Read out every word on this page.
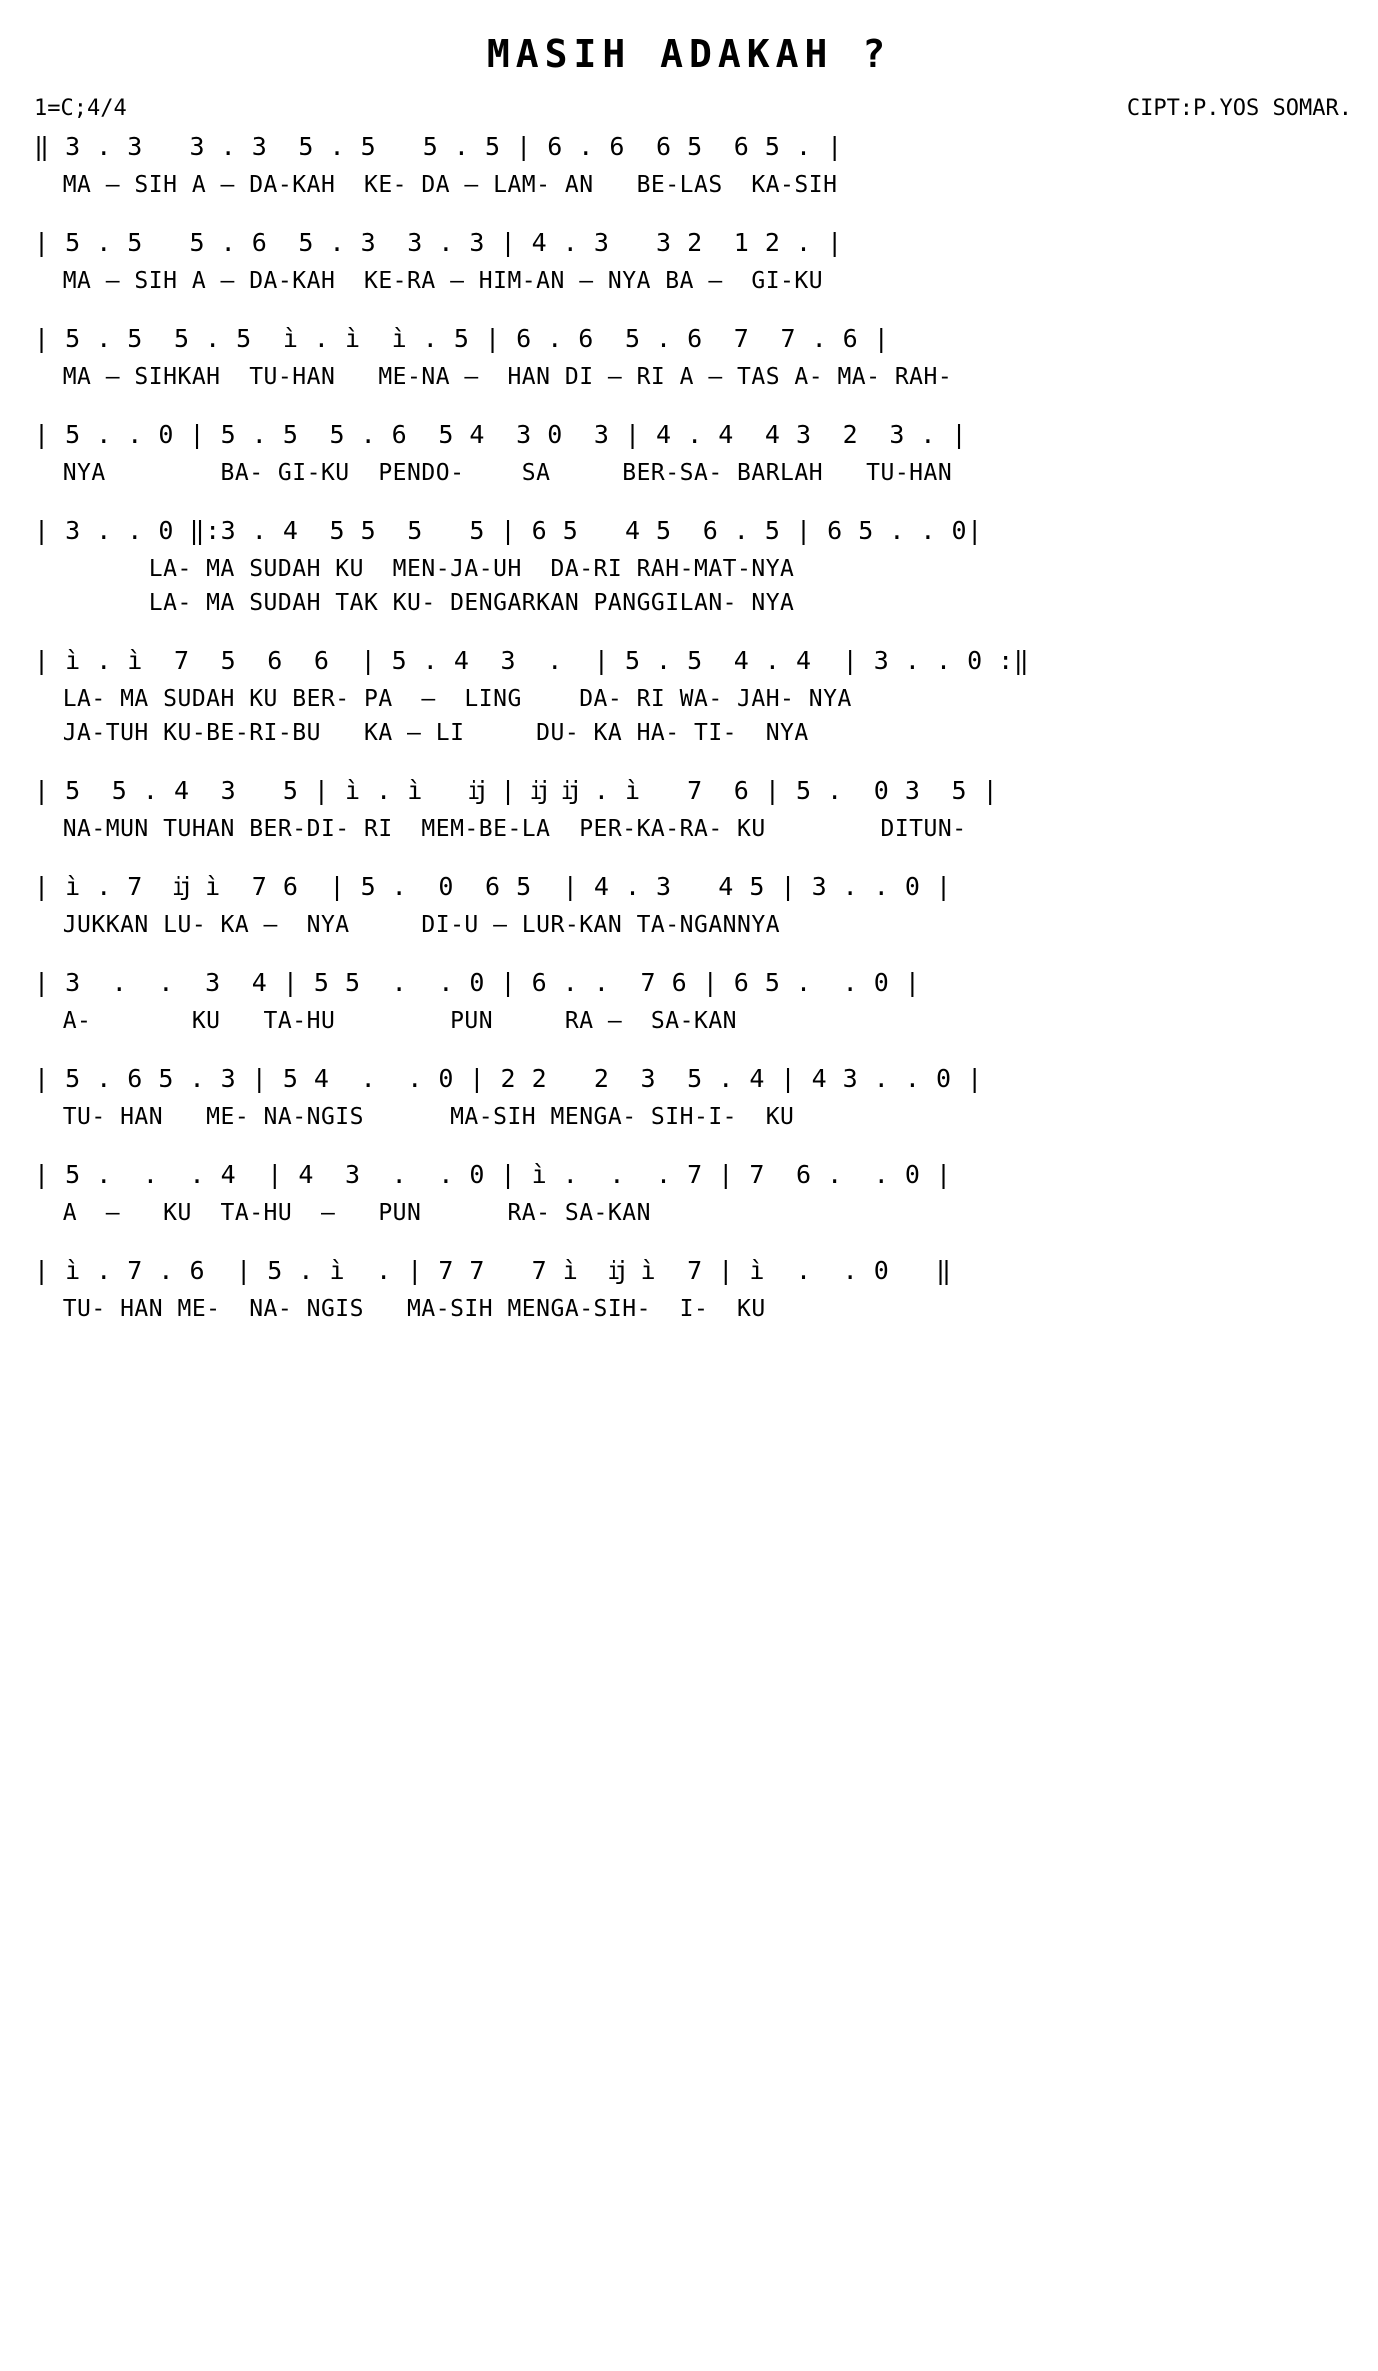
MASIH ADAKAH ?
1=C;4/4	CIPT:P.YOS SOMAR.
‖ 3 . 3   3 . 3  5 . 5   5 . 5 | 6 . 6  6 5  6 5 . |
MA – SIH A – DA-KAH  KE- DA – LAM- AN   BE-LAS  KA-SIH
| 5 . 5   5 . 6  5 . 3  3 . 3 | 4 . 3   3 2  1 2 . |
MA – SIH A – DA-KAH  KE-RA – HIM-AN – NYA BA –  GI-KU
| 5 . 5  5 . 5  ì . ì  ì . 5 | 6 . 6  5 . 6  7  7 . 6 |
MA – SIHKAH  TU-HAN   ME-NA –  HAN DI – RI A – TAS A- MA- RAH-
| 5 . . 0 | 5 . 5  5 . 6  5 4  3 0  3 | 4 . 4  4 3  2  3 . |
NYA        BA- GI-KU  PENDO-    SA     BER-SA- BARLAH   TU-HAN
| 3 . . 0 ‖:3 . 4  5 5  5   5 | 6 5   4 5  6 . 5 | 6 5 . . 0|
LA- MA SUDAH KU  MEN-JA-UH  DA-RI RAH-MAT-NYA
LA- MA SUDAH TAK KU- DENGARKAN PANGGILAN- NYA
| ì . ì  7  5  6  6  | 5 . 4  3  .  | 5 . 5  4 . 4  | 3 . . 0 :‖
LA- MA SUDAH KU BER- PA  –  LING    DA- RI WA- JAH- NYA
JA-TUH KU-BE-RI-BU   KA – LI     DU- KA HA- TI-  NYA
| 5  5 . 4  3   5 | ì . ì   ĳ | ĳ ĳ . ì   7  6 | 5 .  0 3  5 |
NA-MUN TUHAN BER-DI- RI  MEM-BE-LA  PER-KA-RA- KU        DITUN-
| ì . 7  ĳ ì  7 6  | 5 .  0  6 5  | 4 . 3   4 5 | 3 . . 0 |
JUKKAN LU- KA –  NYA     DI-U – LUR-KAN TA-NGANNYA
| 3  .  .  3  4 | 5 5  .  . 0 | 6 . .  7 6 | 6 5 .  . 0 |
A-       KU   TA-HU        PUN     RA –  SA-KAN
| 5 . 6 5 . 3 | 5 4  .  . 0 | 2 2   2  3  5 . 4 | 4 3 . . 0 |
TU- HAN   ME- NA-NGIS      MA-SIH MENGA- SIH-I-  KU
| 5 .  .  . 4  | 4  3  .  . 0 | ì .  .  . 7 | 7  6 .  . 0 |
A  –   KU  TA-HU  –   PUN      RA- SA-KAN
| ì . 7 . 6  | 5 . ì  . | 7 7   7 ì  ĳ ì  7 | ì  .  . 0   ‖
TU- HAN ME-  NA- NGIS   MA-SIH MENGA-SIH-  I-  KU
